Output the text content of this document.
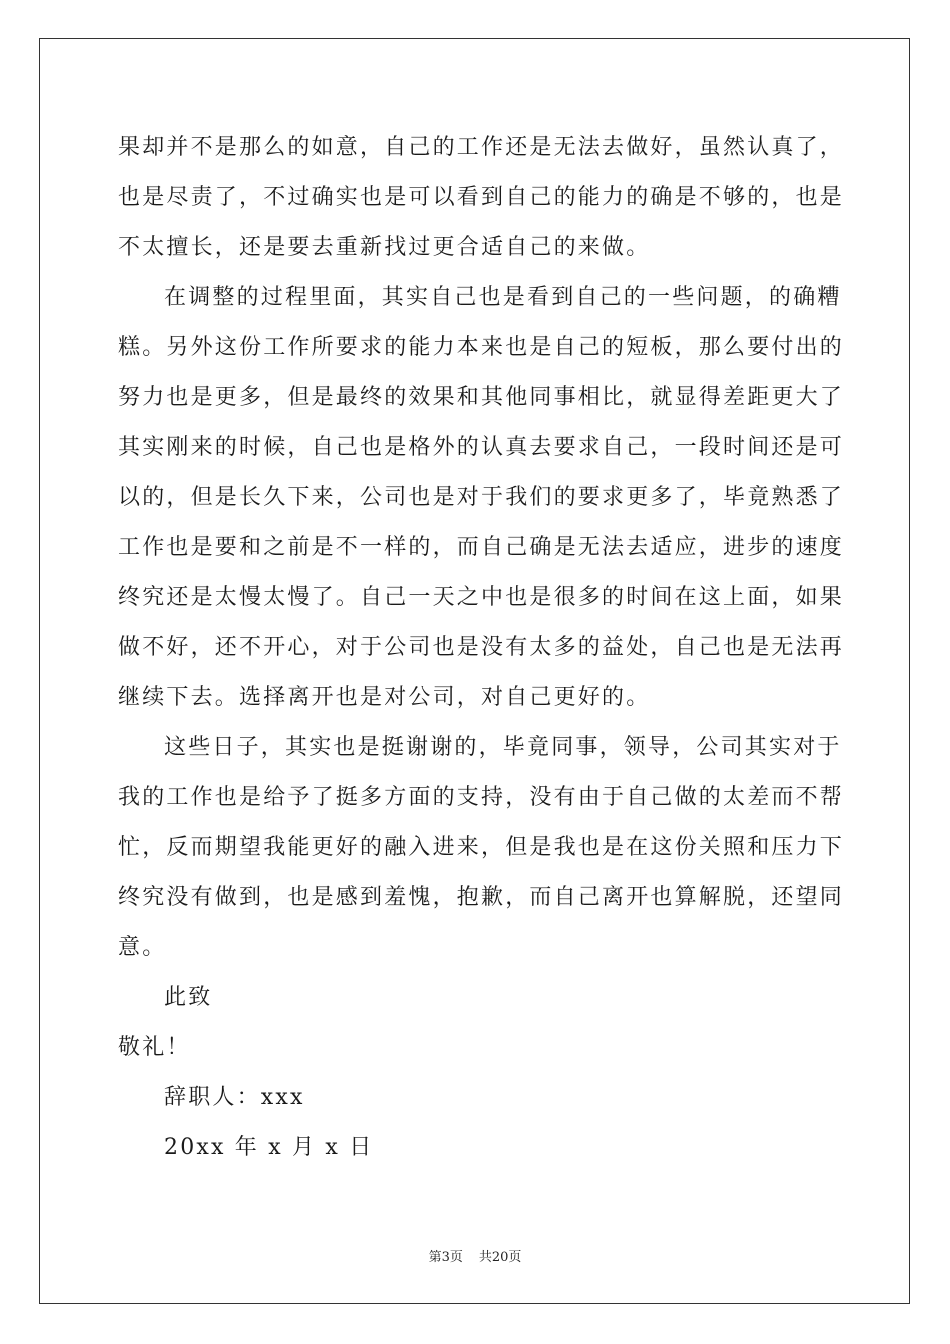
果却并不是那么的如意，自己的工作还是无法去做好，虽然认真了，
也是尽责了，不过确实也是可以看到自己的能力的确是不够的，也是
不太擅长，还是要去重新找过更合适自己的来做。
在调整的过程里面，其实自己也是看到自己的一些问题，的确糟
糕。另外这份工作所要求的能力本来也是自己的短板，那么要付出的
努力也是更多，但是最终的效果和其他同事相比，就显得差距更大了
其实刚来的时候，自己也是格外的认真去要求自己，一段时间还是可
以的，但是长久下来，公司也是对于我们的要求更多了，毕竟熟悉了
工作也是要和之前是不一样的，而自己确是无法去适应，进步的速度
终究还是太慢太慢了。自己一天之中也是很多的时间在这上面，如果
做不好，还不开心，对于公司也是没有太多的益处，自己也是无法再
继续下去。选择离开也是对公司，对自己更好的。
这些日子，其实也是挺谢谢的，毕竟同事，领导，公司其实对于
我的工作也是给予了挺多方面的支持，没有由于自己做的太差而不帮
忙，反而期望我能更好的融入进来，但是我也是在这份关照和压力下
终究没有做到，也是感到羞愧，抱歉，而自己离开也算解脱，还望同
意。
此致
敬礼！
辞职人：xxx
20xx 年 x 月 x 日
第3页 共20页
